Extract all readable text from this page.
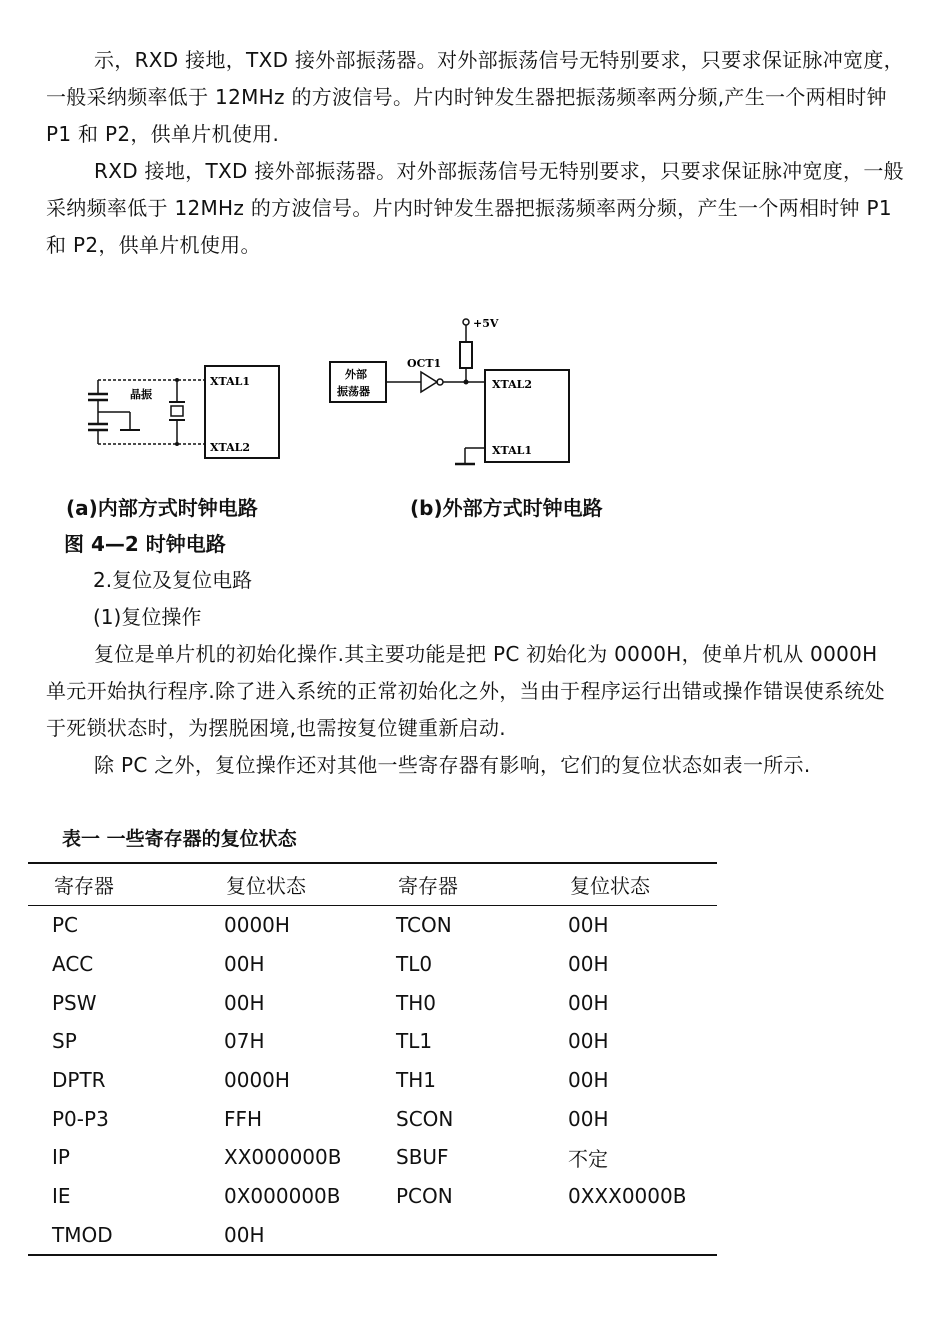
示，RXD 接地，TXD 接外部振荡器。对外部振荡信号无特别要求，只要求保证脉冲宽度，一般采纳频率低于 12MHz 的方波信号。片内时钟发生器把振荡频率两分频,产生一个两相时钟 P1 和 P2，供单片机使用.

RXD 接地，TXD 接外部振荡器。对外部振荡信号无特别要求，只要求保证脉冲宽度，一般采纳频率低于 12MHz 的方波信号。片内时钟发生器把振荡频率两分频，产生一个两相时钟 P1 和 P2，供单片机使用。

XTAL1
XTAL2
晶振
+5V
外部
振荡器
OCT1
XTAL2
XTAL1

(a)内部方式时钟电路	(b)外部方式时钟电路

图 4—2 时钟电路

2.复位及复位电路

(1)复位操作

复位是单片机的初始化操作.其主要功能是把 PC 初始化为 0000H，使单片机从 0000H 单元开始执行程序.除了进入系统的正常初始化之外，当由于程序运行出错或操作错误使系统处于死锁状态时，为摆脱困境,也需按复位键重新启动.

除 PC 之外，复位操作还对其他一些寄存器有影响，它们的复位状态如表一所示.

表一 一些寄存器的复位状态

寄存器	复位状态	寄存器	复位状态
PC	0000H	TCON	00H
ACC	00H	TL0	00H
PSW	00H	TH0	00H
SP	07H	TL1	00H
DPTR	0000H	TH1	00H
P0-P3	FFH	SCON	00H
IP	XX000000B	SBUF	不定
IE	0X000000B	PCON	0XXX0000B
TMOD	00H		
